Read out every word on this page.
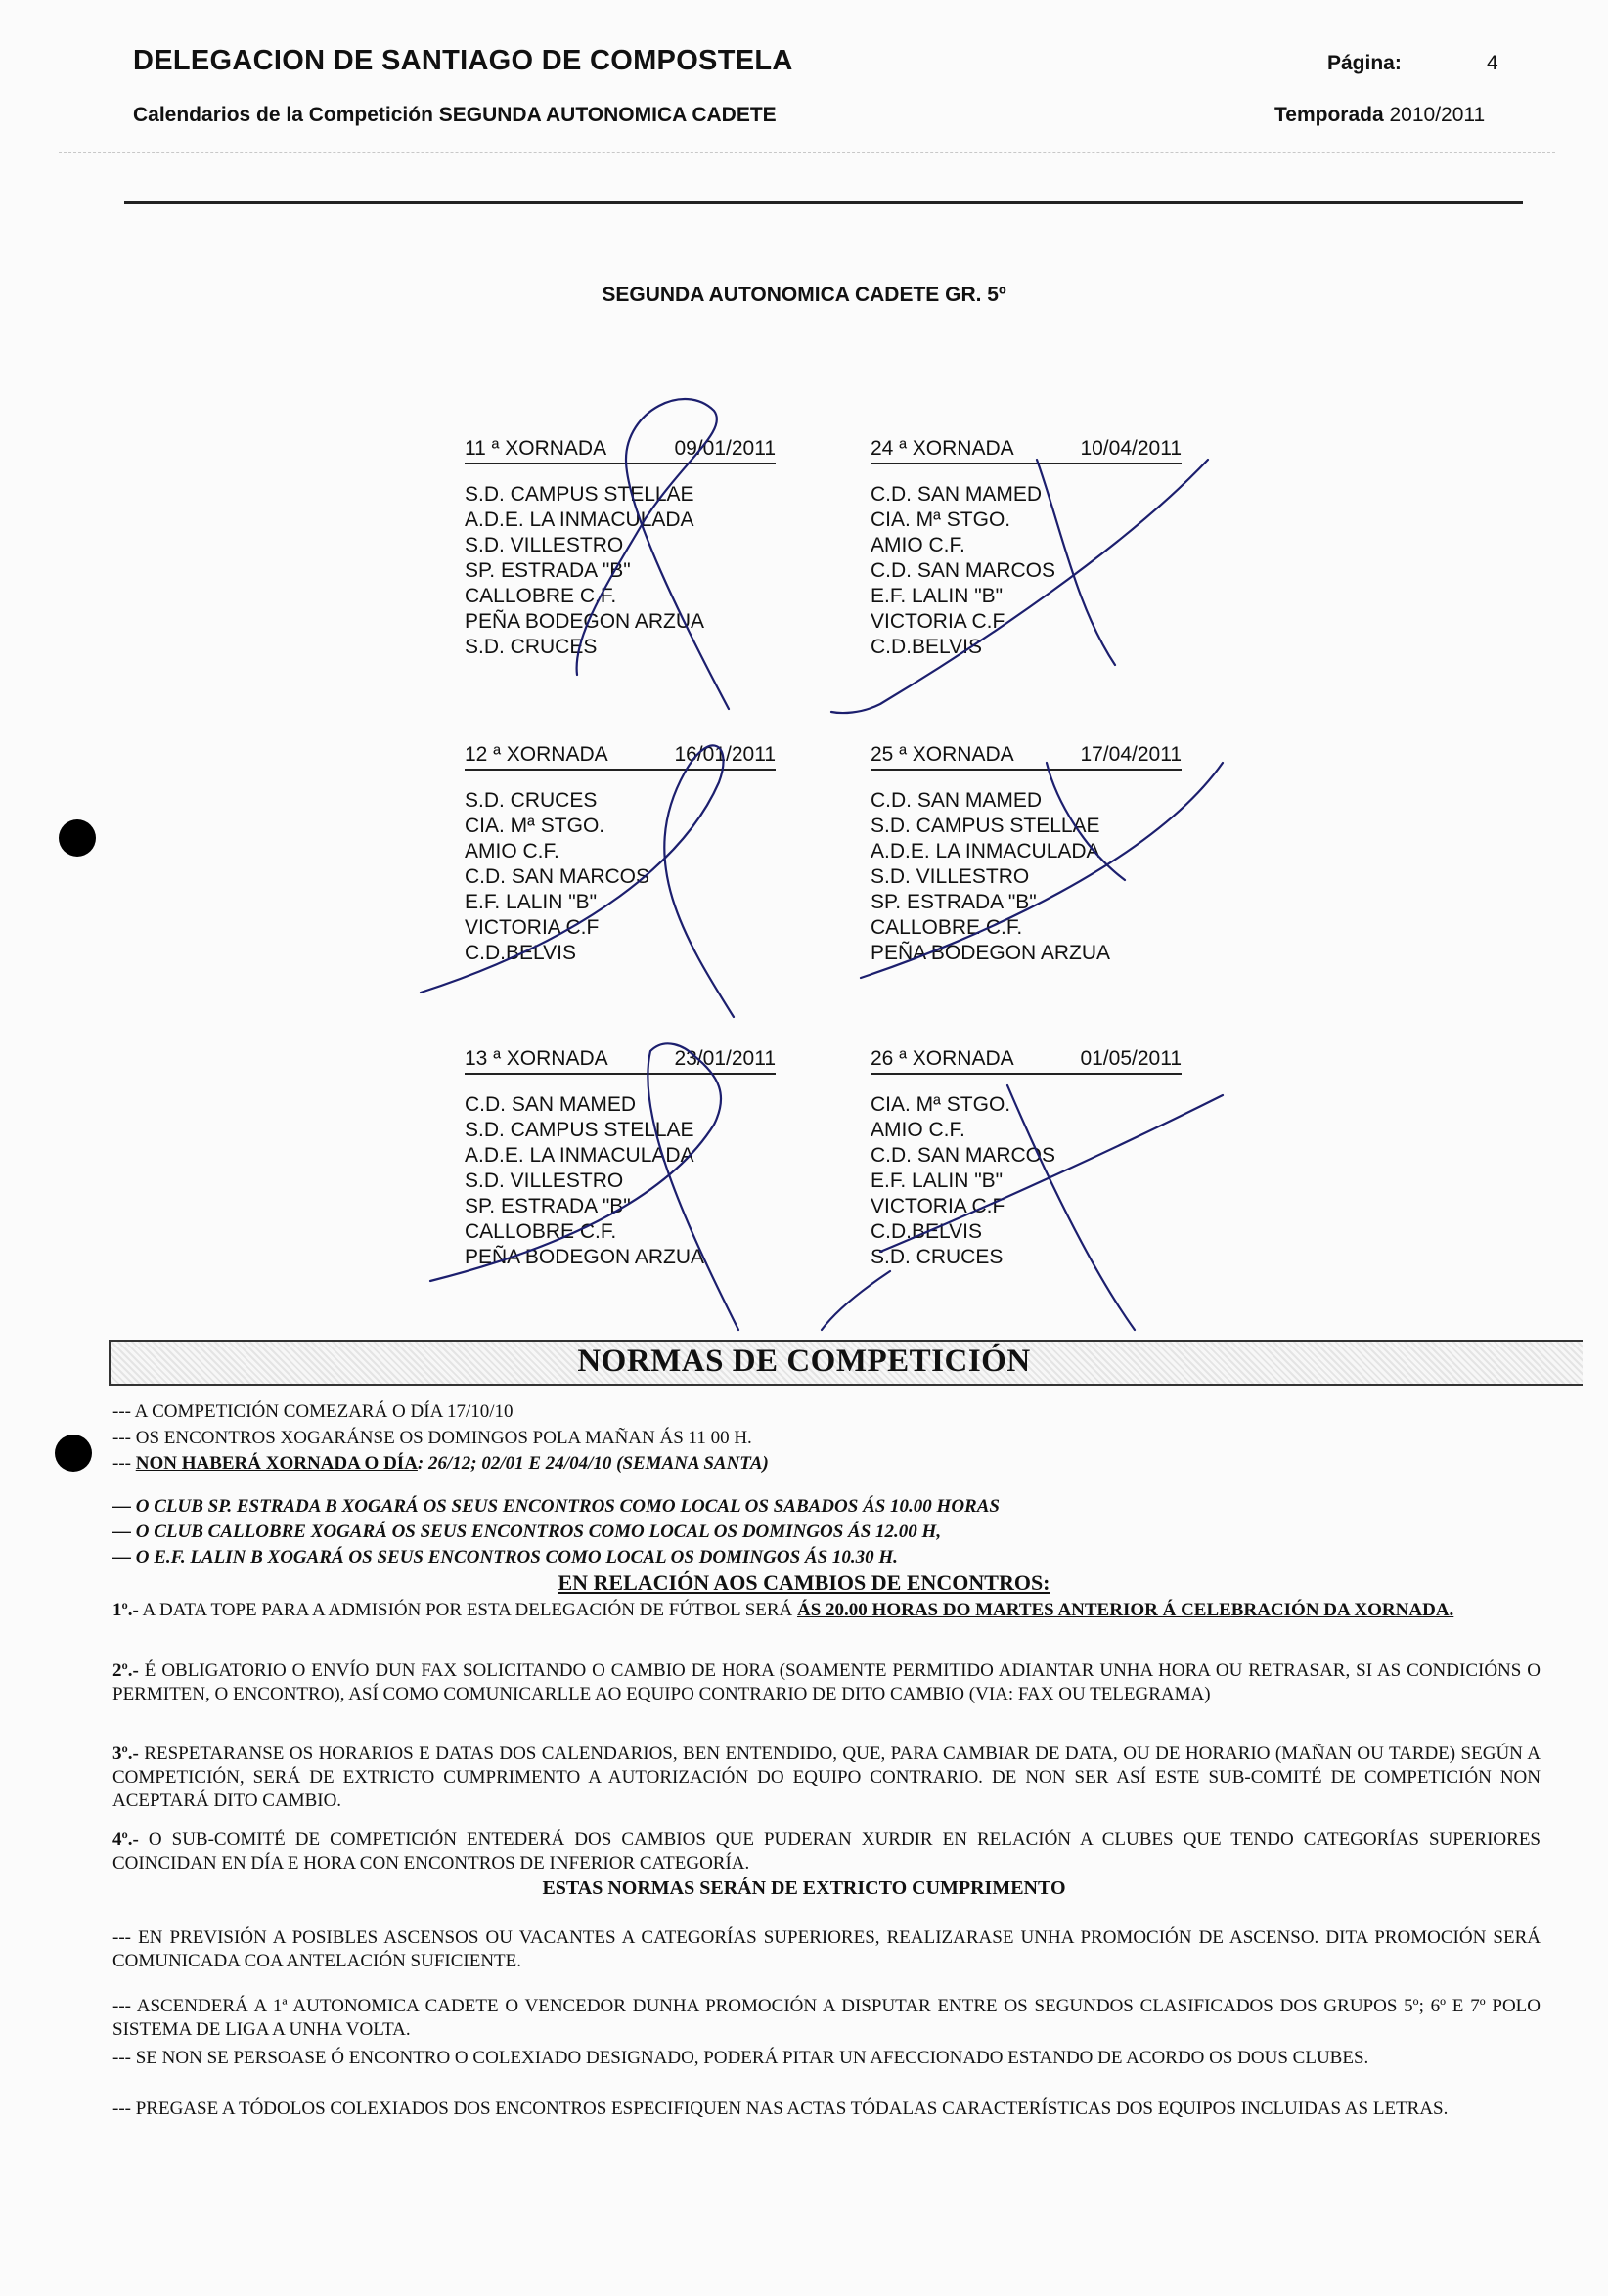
DELEGACION DE SANTIAGO DE COMPOSTELA	Página:	4
Calendarios de la Competición SEGUNDA AUTONOMICA CADETE	Temporada 2010/2011
SEGUNDA AUTONOMICA CADETE GR. 5º
11 ª XORNADA	09/01/2011
S.D. CAMPUS STELLAE
A.D.E. LA INMACULADA
S.D. VILLESTRO
SP. ESTRADA "B"
CALLOBRE C.F.
PEÑA BODEGON ARZUA
S.D. CRUCES
24 ª XORNADA	10/04/2011
C.D. SAN MAMED
CIA. Mª STGO.
AMIO C.F.
C.D. SAN MARCOS
E.F. LALIN "B"
VICTORIA C.F
C.D.BELVIS
12 ª XORNADA	16/01/2011
S.D. CRUCES
CIA. Mª STGO.
AMIO C.F.
C.D. SAN MARCOS
E.F. LALIN "B"
VICTORIA C.F
C.D.BELVIS
25 ª XORNADA	17/04/2011
C.D. SAN MAMED
S.D. CAMPUS STELLAE
A.D.E. LA INMACULADA
S.D. VILLESTRO
SP. ESTRADA "B"
CALLOBRE C.F.
PEÑA BODEGON ARZUA
13 ª XORNADA	23/01/2011
C.D. SAN MAMED
S.D. CAMPUS STELLAE
A.D.E. LA INMACULADA
S.D. VILLESTRO
SP. ESTRADA "B"
CALLOBRE C.F.
PEÑA BODEGON ARZUA
26 ª XORNADA	01/05/2011
CIA. Mª STGO.
AMIO C.F.
C.D. SAN MARCOS
E.F. LALIN "B"
VICTORIA C.F
C.D.BELVIS
S.D. CRUCES
NORMAS DE COMPETICIÓN
--- A COMPETICIÓN COMEZARÁ O DÍA 17/10/10
--- OS ENCONTROS XOGARÁNSE OS DOMINGOS POLA MAÑAN ÁS 11 00 H.
--- NON HABERÁ XORNADA O DÍA: 26/12; 02/01 E 24/04/10 (SEMANA SANTA)
— O CLUB SP. ESTRADA B XOGARÁ OS SEUS ENCONTROS COMO LOCAL OS SABADOS ÁS 10.00 HORAS
— O CLUB CALLOBRE XOGARÁ OS SEUS ENCONTROS COMO LOCAL OS DOMINGOS ÁS 12.00 H,
— O E.F. LALIN B XOGARÁ OS SEUS ENCONTROS COMO LOCAL OS DOMINGOS ÁS 10.30 H.
EN RELACIÓN AOS CAMBIOS DE ENCONTROS:
1º.- A DATA TOPE PARA A ADMISIÓN POR ESTA DELEGACIÓN DE FÚTBOL SERÁ ÁS 20.00 HORAS DO MARTES ANTERIOR Á CELEBRACIÓN DA XORNADA.
2º.- É OBLIGATORIO O ENVÍO DUN FAX SOLICITANDO O CAMBIO DE HORA (SOAMENTE PERMITIDO ADIANTAR UNHA HORA OU RETRASAR, SI AS CONDICIÓNS O PERMITEN, O ENCONTRO), ASÍ COMO COMUNICARLLE AO EQUIPO CONTRARIO DE DITO CAMBIO (VIA: FAX OU TELEGRAMA)
3º.- RESPETARANSE OS HORARIOS E DATAS DOS CALENDARIOS, BEN ENTENDIDO, QUE, PARA CAMBIAR DE DATA, OU DE HORARIO (MAÑAN OU TARDE) SEGÚN A COMPETICIÓN, SERÁ DE EXTRICTO CUMPRIMENTO A AUTORIZACIÓN DO EQUIPO CONTRARIO. DE NON SER ASÍ ESTE SUB-COMITÉ DE COMPETICIÓN NON ACEPTARÁ DITO CAMBIO.
4º.- O SUB-COMITÉ DE COMPETICIÓN ENTEDERÁ DOS CAMBIOS QUE PUDERAN XURDIR EN RELACIÓN A CLUBES QUE TENDO CATEGORÍAS SUPERIORES COINCIDAN EN DÍA E HORA CON ENCONTROS DE INFERIOR CATEGORÍA.
ESTAS NORMAS SERÁN DE EXTRICTO CUMPRIMENTO
--- EN PREVISIÓN A POSIBLES ASCENSOS OU VACANTES A CATEGORÍAS SUPERIORES, REALIZARASE UNHA PROMOCIÓN DE ASCENSO. DITA PROMOCIÓN SERÁ COMUNICADA COA ANTELACIÓN SUFICIENTE.
--- ASCENDERÁ A 1ª AUTONOMICA CADETE O VENCEDOR DUNHA PROMOCIÓN A DISPUTAR ENTRE OS SEGUNDOS CLASIFICADOS DOS GRUPOS 5º; 6º E 7º POLO SISTEMA DE LIGA A UNHA VOLTA.
--- SE NON SE PERSOASE Ó ENCONTRO O COLEXIADO DESIGNADO, PODERÁ PITAR UN AFECCIONADO ESTANDO DE ACORDO OS DOUS CLUBES.
--- PREGASE A TÓDOLOS COLEXIADOS DOS ENCONTROS ESPECIFIQUEN NAS ACTAS TÓDALAS CARACTERÍSTICAS DOS EQUIPOS INCLUIDAS AS LETRAS.
